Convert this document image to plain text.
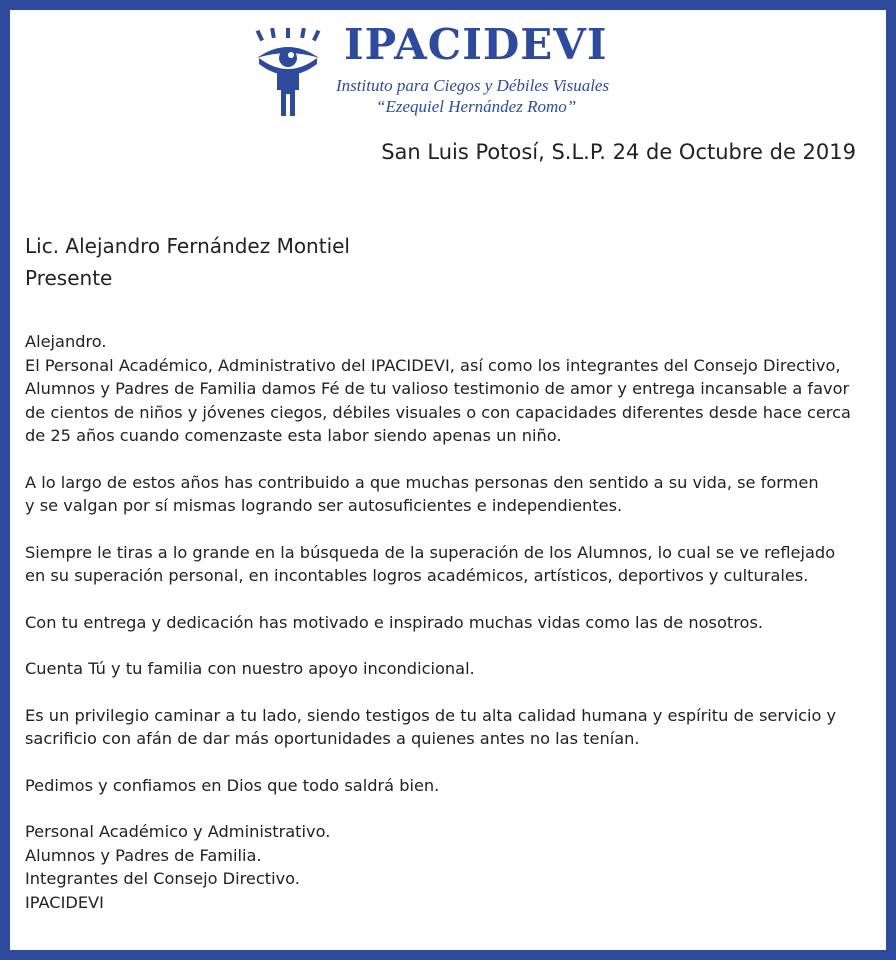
IPACIDEVI
Instituto para Ciegos y Débiles Visuales
“Ezequiel Hernández Romo”
San Luis Potosí, S.L.P. 24 de Octubre de 2019
Lic. Alejandro Fernández Montiel
Presente
Alejandro.

El Personal Académico, Administrativo del IPACIDEVI, así como los integrantes del Consejo Directivo,
Alumnos y Padres de Familia damos Fé de tu valioso testimonio de amor y entrega incansable a favor
de cientos de niños y jóvenes ciegos, débiles visuales o con capacidades diferentes desde hace cerca
de 25 años cuando comenzaste esta labor siendo apenas un niño.

A lo largo de estos años has contribuido a que muchas personas den sentido a su vida, se formen
y se valgan por sí mismas logrando ser autosuficientes e independientes.

Siempre le tiras a lo grande en la búsqueda de la superación de los Alumnos, lo cual se ve reflejado
en su superación personal, en incontables logros académicos, artísticos, deportivos y culturales.

Con tu entrega y dedicación has motivado e inspirado muchas vidas como las de nosotros.

Cuenta Tú y tu familia con nuestro apoyo incondicional.

Es un privilegio caminar a tu lado, siendo testigos de tu alta calidad humana y espíritu de servicio y
sacrificio con afán de dar más oportunidades a quienes antes no las tenían.

Pedimos y confiamos en Dios que todo saldrá bien.

Personal Académico y Administrativo.
Alumnos y Padres de Familia.
Integrantes del Consejo Directivo.
IPACIDEVI
